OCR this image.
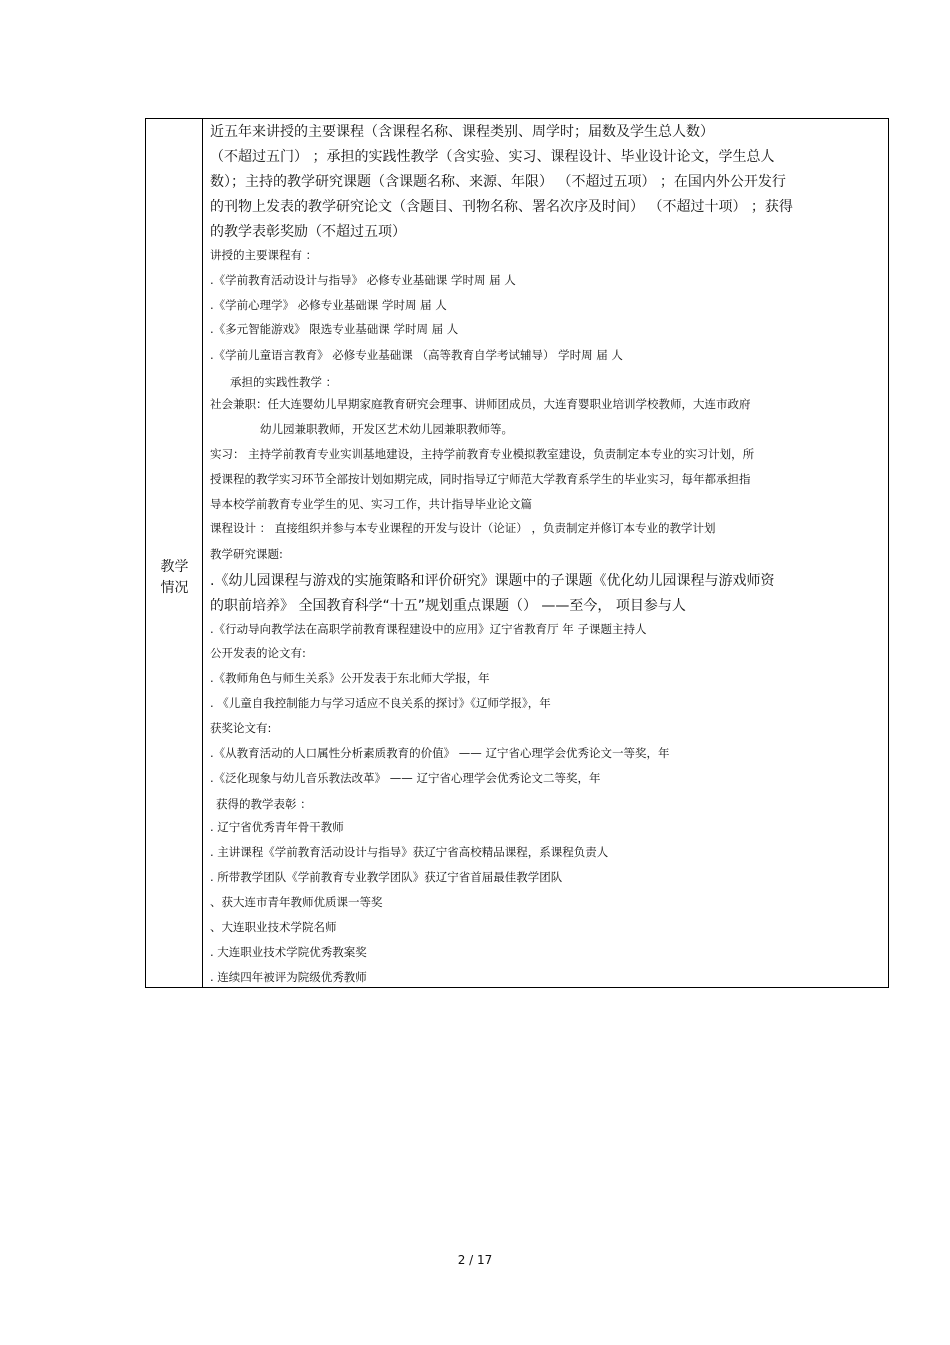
教学
情况
近五年来讲授的主要课程（含课程名称、课程类别、周学时；届数及学生总人数）
（不超过五门） ；承担的实践性教学（含实验、实习、课程设计、毕业设计论文，学生总人
数）；主持的教学研究课题（含课题名称、来源、年限） （不超过五项） ；在国内外公开发行
的刊物上发表的教学研究论文（含题目、刊物名称、署名次序及时间） （不超过十项） ；获得
的教学表彰奖励（不超过五项）
讲授的主要课程有 ：
.《学前教育活动设计与指导》 必修专业基础课 学时周 届 人
.《学前心理学》 必修专业基础课 学时周 届 人
.《多元智能游戏》 限选专业基础课 学时周 届 人
.《学前儿童语言教育》 必修专业基础课 （高等教育自学考试辅导） 学时周 届 人
承担的实践性教学 ：
社会兼职：任大连婴幼儿早期家庭教育研究会理事、讲师团成员，大连育婴职业培训学校教师，大连市政府
幼儿园兼职教师，开发区艺术幼儿园兼职教师等。
实习： 主持学前教育专业实训基地建设，主持学前教育专业模拟教室建设，负责制定本专业的实习计划，所
授课程的教学实习环节全部按计划如期完成，同时指导辽宁师范大学教育系学生的毕业实习，每年都承担指
导本校学前教育专业学生的见、实习工作，共计指导毕业论文篇
课程设计 ： 直接组织并参与本专业课程的开发与设计（论证） ，负责制定并修订本专业的教学计划
教学研究课题:
.《幼儿园课程与游戏的实施策略和评价研究》课题中的子课题《优化幼儿园课程与游戏师资
的职前培养》 全国教育科学“十五”规划重点课题（） ——至今， 项目参与人
.《行动导向教学法在高职学前教育课程建设中的应用》辽宁省教育厅 年 子课题主持人
公开发表的论文有:
.《教师角色与师生关系》公开发表于东北师大学报，年
. 《儿童自我控制能力与学习适应不良关系的探讨》《辽师学报》，年
获奖论文有:
.《从教育活动的人口属性分析素质教育的价值》 —— 辽宁省心理学会优秀论文一等奖，年
.《泛化现象与幼儿音乐教法改革》 —— 辽宁省心理学会优秀论文二等奖，年
获得的教学表彰 ：
. 辽宁省优秀青年骨干教师
. 主讲课程《学前教育活动设计与指导》获辽宁省高校精品课程，系课程负责人
. 所带教学团队《学前教育专业教学团队》获辽宁省首届最佳教学团队
、获大连市青年教师优质课一等奖
、大连职业技术学院名师
. 大连职业技术学院优秀教案奖
. 连续四年被评为院级优秀教师
2 / 17
